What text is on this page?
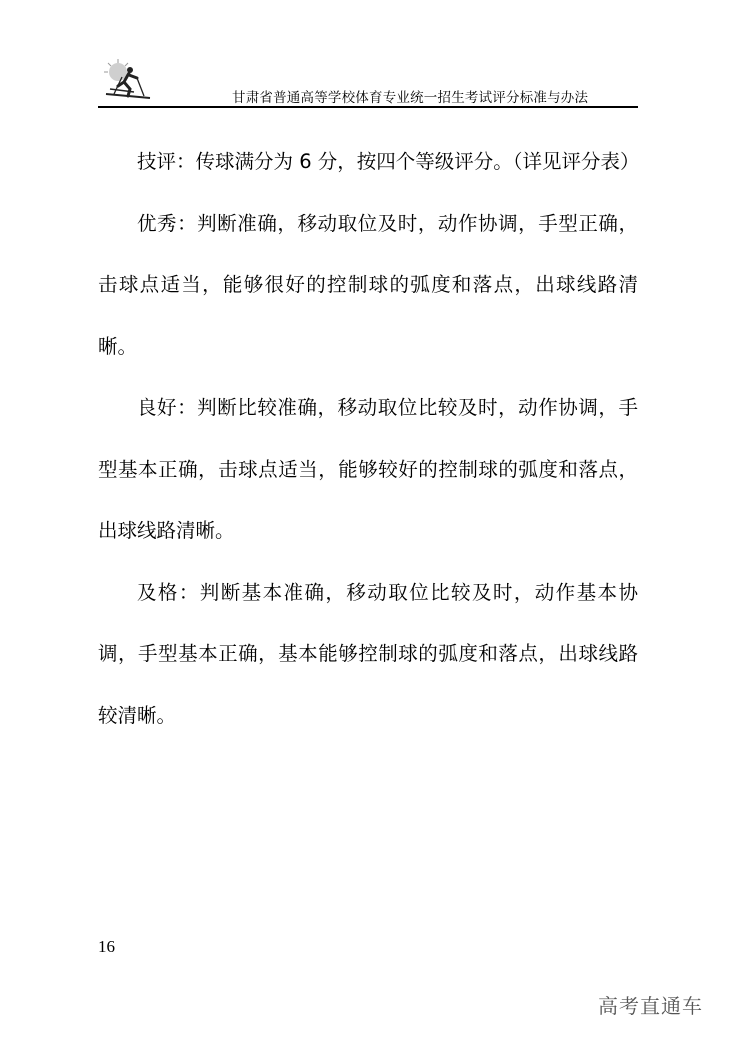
甘肃省普通高等学校体育专业统一招生考试评分标准与办法

技评：传球满分为 6 分，按四个等级评分。（详见评分表）

优秀：判断准确，移动取位及时，动作协调，手型正确，击球点适当，能够很好的控制球的弧度和落点，出球线路清晰。

良好：判断比较准确，移动取位比较及时，动作协调，手型基本正确，击球点适当，能够较好的控制球的弧度和落点，出球线路清晰。

及格：判断基本准确，移动取位比较及时，动作基本协调，手型基本正确，基本能够控制球的弧度和落点，出球线路较清晰。

16
高考直通车
